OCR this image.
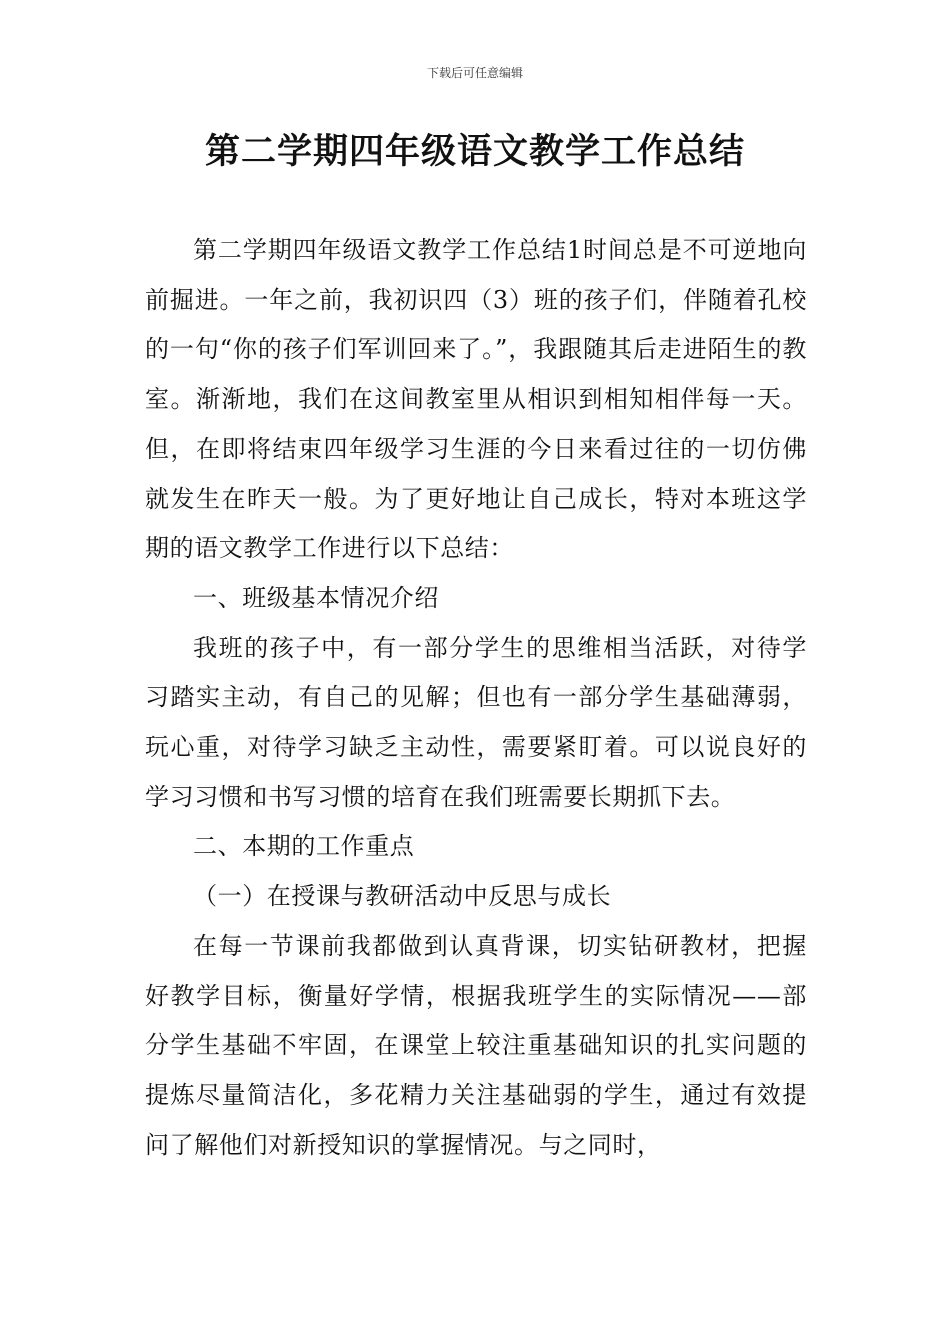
下载后可任意编辑
第二学期四年级语文教学工作总结

第二学期四年级语文教学工作总结1时间总是不可逆地向前掘进。一年之前，我初识四（3）班的孩子们，伴随着孔校的一句“你的孩子们军训回来了。”，我跟随其后走进陌生的教室。渐渐地，我们在这间教室里从相识到相知相伴每一天。但，在即将结束四年级学习生涯的今日来看过往的一切仿佛就发生在昨天一般。为了更好地让自己成长，特对本班这学期的语文教学工作进行以下总结：

一、班级基本情况介绍

我班的孩子中，有一部分学生的思维相当活跃，对待学习踏实主动，有自己的见解；但也有一部分学生基础薄弱，玩心重，对待学习缺乏主动性，需要紧盯着。可以说良好的学习习惯和书写习惯的培育在我们班需要长期抓下去。

二、本期的工作重点

（一）在授课与教研活动中反思与成长

在每一节课前我都做到认真背课，切实钻研教材，把握好教学目标，衡量好学情，根据我班学生的实际情况——部分学生基础不牢固，在课堂上较注重基础知识的扎实问题的提炼尽量简洁化，多花精力关注基础弱的学生，通过有效提问了解他们对新授知识的掌握情况。与之同时，
